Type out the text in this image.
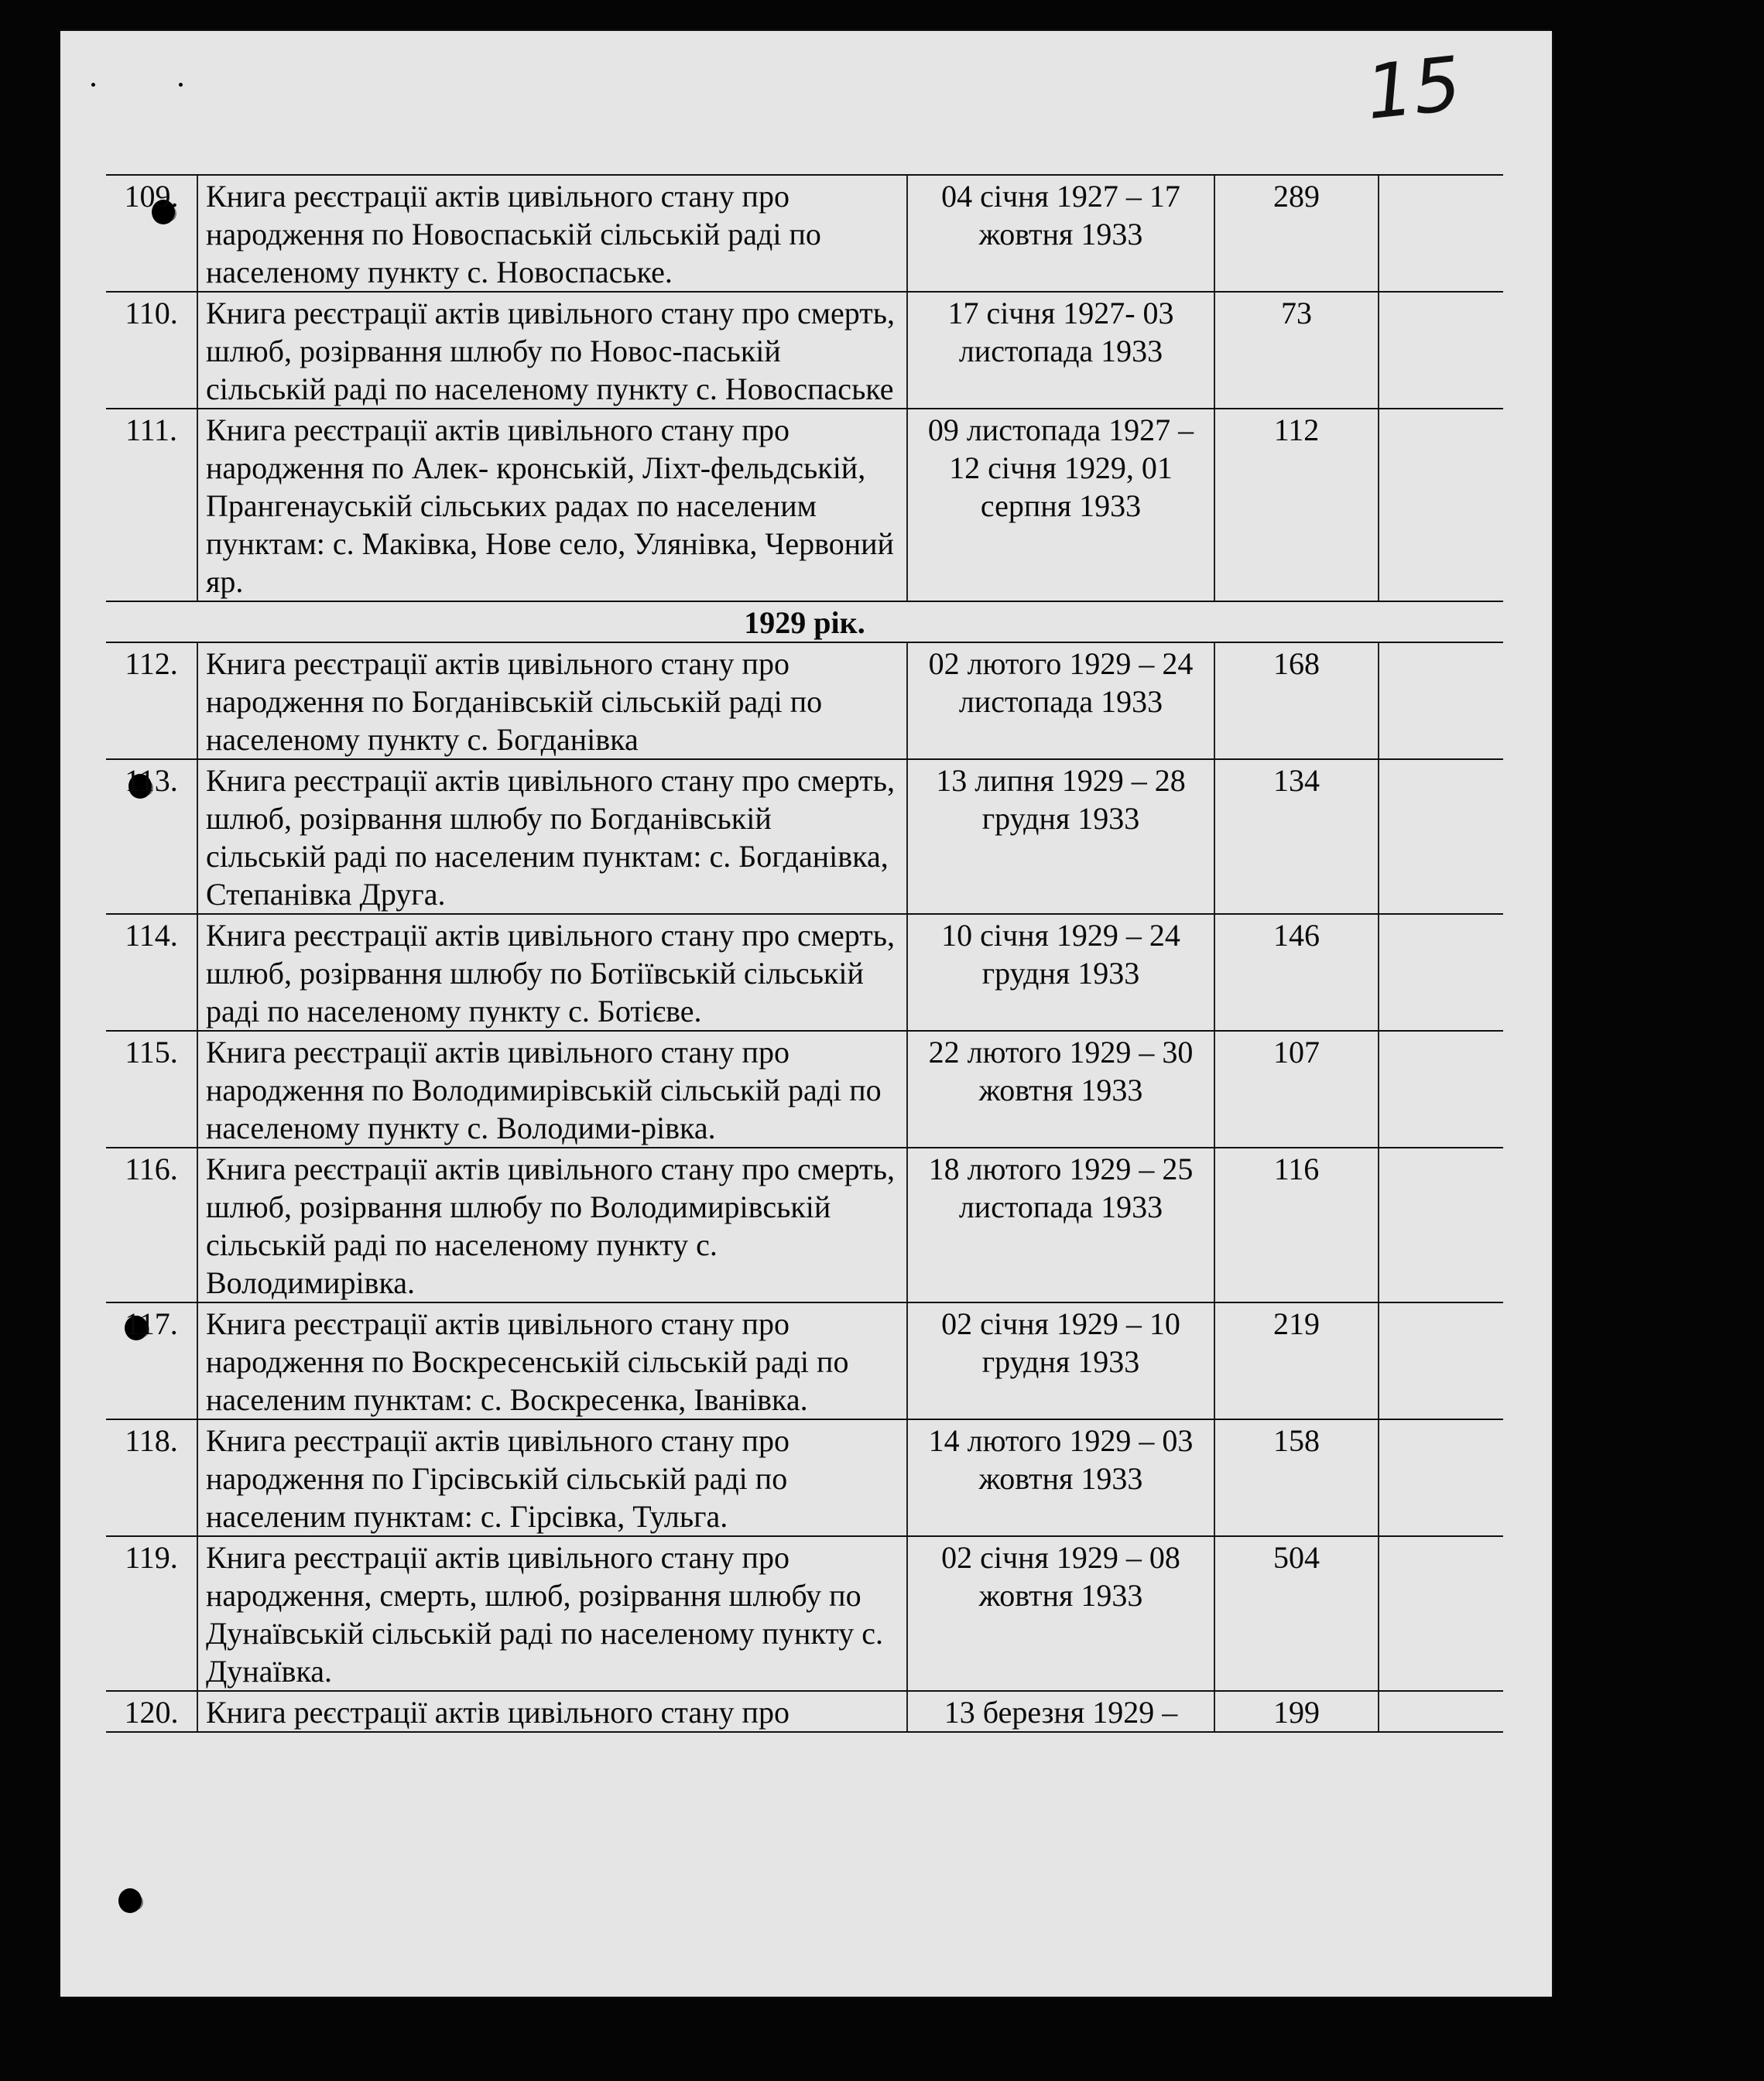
15
109.	Книга реєстрації актів цивільного стану про народження по Новоспаській сільській раді по населеному пункту с. Новоспаське.	04 січня 1927 – 17 жовтня 1933	289	
110.	Книга реєстрації актів цивільного стану про смерть, шлюб, розірвання шлюбу по Новос-паській сільській раді по населеному пункту с. Новоспаське	17 січня 1927- 03 листопада 1933	73	
111.	Книга реєстрації актів цивільного стану про народження по Алек- кронській, Ліхт-фельдській, Прангенауській сільських радах по населеним пунктам: с. Маківка, Нове село, Улянівка, Червоний яр.	09 листопада 1927 – 12 січня 1929, 01 серпня 1933	112	
1929 рік.				
112.	Книга реєстрації актів цивільного стану про народження по Богданівській сільській раді по населеному пункту с. Богданівка	02 лютого 1929 – 24 листопада 1933	168	
113.	Книга реєстрації актів цивільного стану про смерть, шлюб, розірвання шлюбу по Богданівській сільській раді по населеним пунктам: с. Богданівка, Степанівка Друга.	13 липня 1929 – 28 грудня 1933	134	
114.	Книга реєстрації актів цивільного стану про смерть, шлюб, розірвання шлюбу по Ботіївській сільській раді по населеному пункту с. Ботієве.	10 січня 1929 – 24 грудня 1933	146	
115.	Книга реєстрації актів цивільного стану про народження по Володимирівській сільській раді по населеному пункту с. Володими-рівка.	22 лютого 1929 – 30 жовтня 1933	107	
116.	Книга реєстрації актів цивільного стану про смерть, шлюб, розірвання шлюбу по Володимирівській сільській раді по населеному пункту с. Володимирівка.	18 лютого 1929 – 25 листопада 1933	116	
117.	Книга реєстрації актів цивільного стану про народження по Воскресенській сільській раді по населеним пунктам: с. Воскресенка, Іванівка.	02 січня 1929 – 10 грудня 1933	219	
118.	Книга реєстрації актів цивільного стану про народження по Гірсівській сільській раді по населеним пунктам: с. Гірсівка, Тульга.	14 лютого 1929 – 03 жовтня 1933	158	
119.	Книга реєстрації актів цивільного стану про народження, смерть, шлюб, розірвання шлюбу по Дунаївській сільській раді по населеному пункту с. Дунаївка.	02 січня 1929 – 08 жовтня 1933	504	
120.	Книга реєстрації актів цивільного стану про	13 березня 1929 –	199	
